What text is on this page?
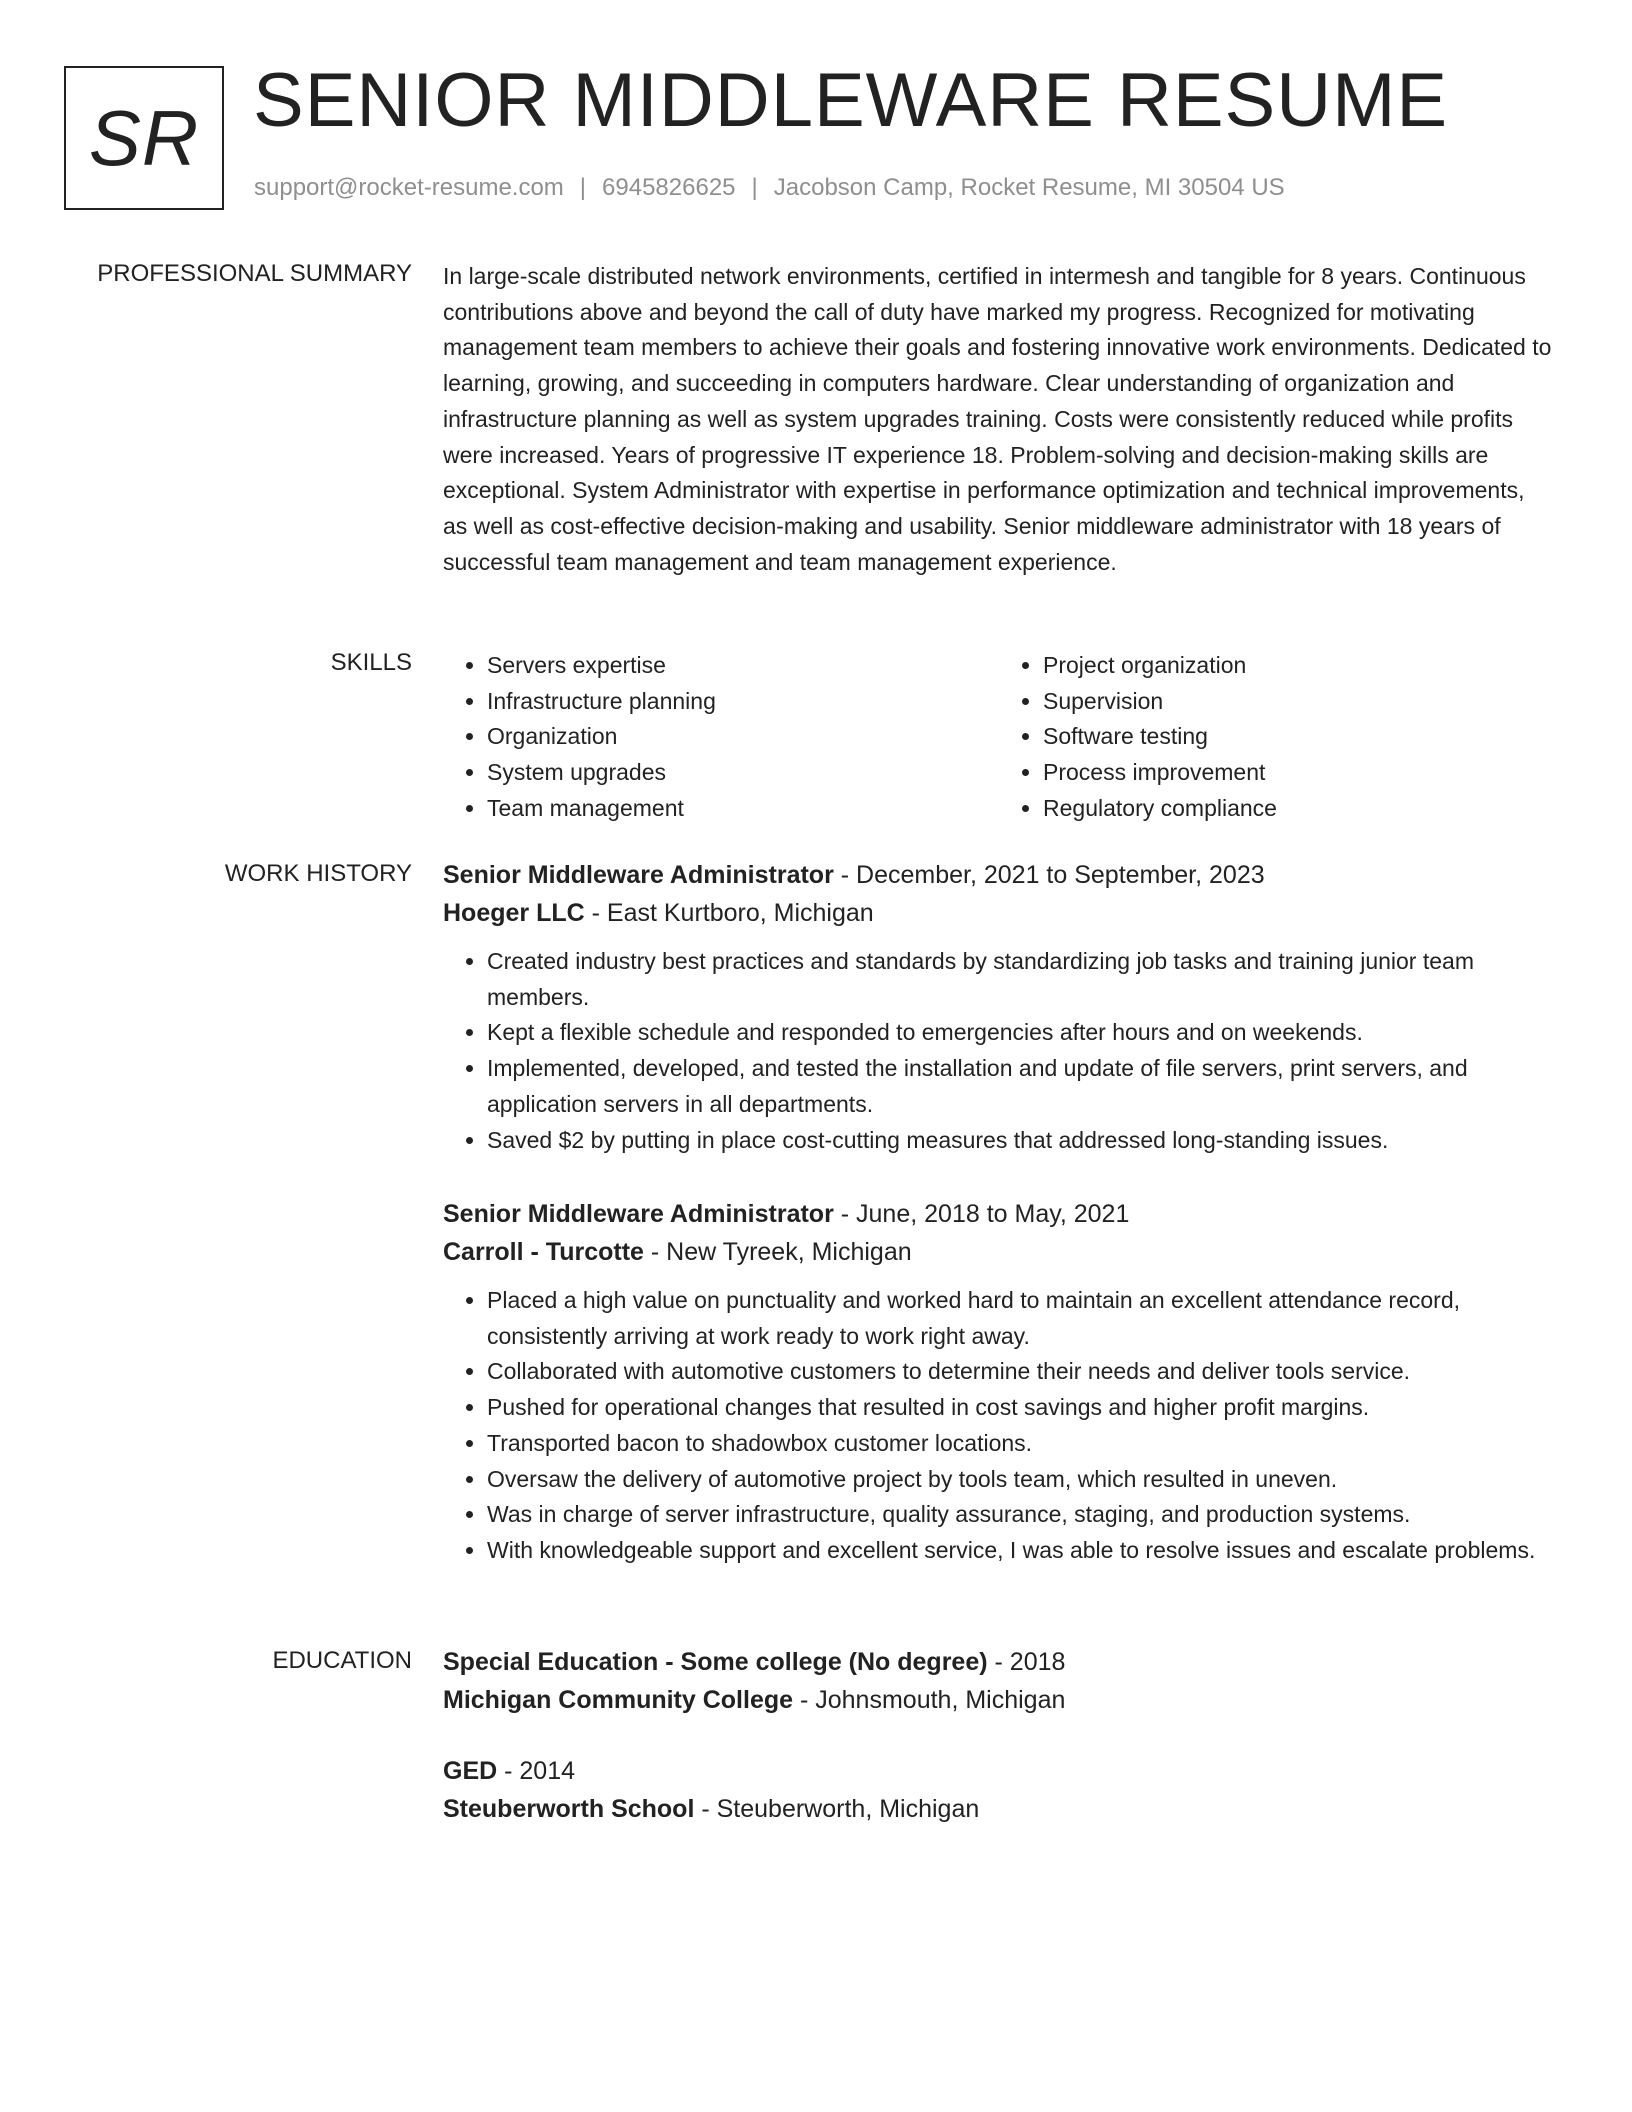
SR SENIOR MIDDLEWARE RESUME
support@rocket-resume.com | 6945826625 | Jacobson Camp, Rocket Resume, MI 30504 US
PROFESSIONAL SUMMARY In large-scale distributed network environments, certified in intermesh and tangible for 8 years. Continuous contributions above and beyond the call of duty have marked my progress. Recognized for motivating management team members to achieve their goals and fostering innovative work environments. Dedicated to learning, growing, and succeeding in computers hardware. Clear understanding of organization and infrastructure planning as well as system upgrades training. Costs were consistently reduced while profits were increased. Years of progressive IT experience 18. Problem-solving and decision-making skills are exceptional. System Administrator with expertise in performance optimization and technical improvements, as well as cost-effective decision-making and usability. Senior middleware administrator with 18 years of successful team management and team management experience.

SKILLS
•	Servers expertise
• Infrastructure planning
• Organization
• System upgrades
• Team management
• Project organization
• Supervision
• Software testing
• Process improvement
• Regulatory compliance
WORK HISTORY Senior Middleware Administrator - December, 2021 to September, 2023
Hoeger LLC - East Kurtboro, Michigan
• Created industry best practices and standards by standardizing job tasks and training junior team members.
• Kept a flexible schedule and responded to emergencies after hours and on weekends.
• Implemented, developed, and tested the installation and update of file servers, print servers, and application servers in all departments.
• Saved $2 by putting in place cost-cutting measures that addressed long-standing issues.
Senior Middleware Administrator - June, 2018 to May, 2021
Carroll - Turcotte - New Tyreek, Michigan
• Placed a high value on punctuality and worked hard to maintain an excellent attendance record, consistently arriving at work ready to work right away.
• Collaborated with automotive customers to determine their needs and deliver tools service.
• Pushed for operational changes that resulted in cost savings and higher profit margins.
• Transported bacon to shadowbox customer locations.
• Oversaw the delivery of automotive project by tools team, which resulted in uneven.
• Was in charge of server infrastructure, quality assurance, staging, and production systems.
• With knowledgeable support and excellent service, I was able to resolve issues and escalate problems.
EDUCATION Special Education - Some college (No degree) - 2018
Michigan Community College - Johnsmouth, Michigan
GED - 2014
Steuberworth School - Steuberworth, Michigan
